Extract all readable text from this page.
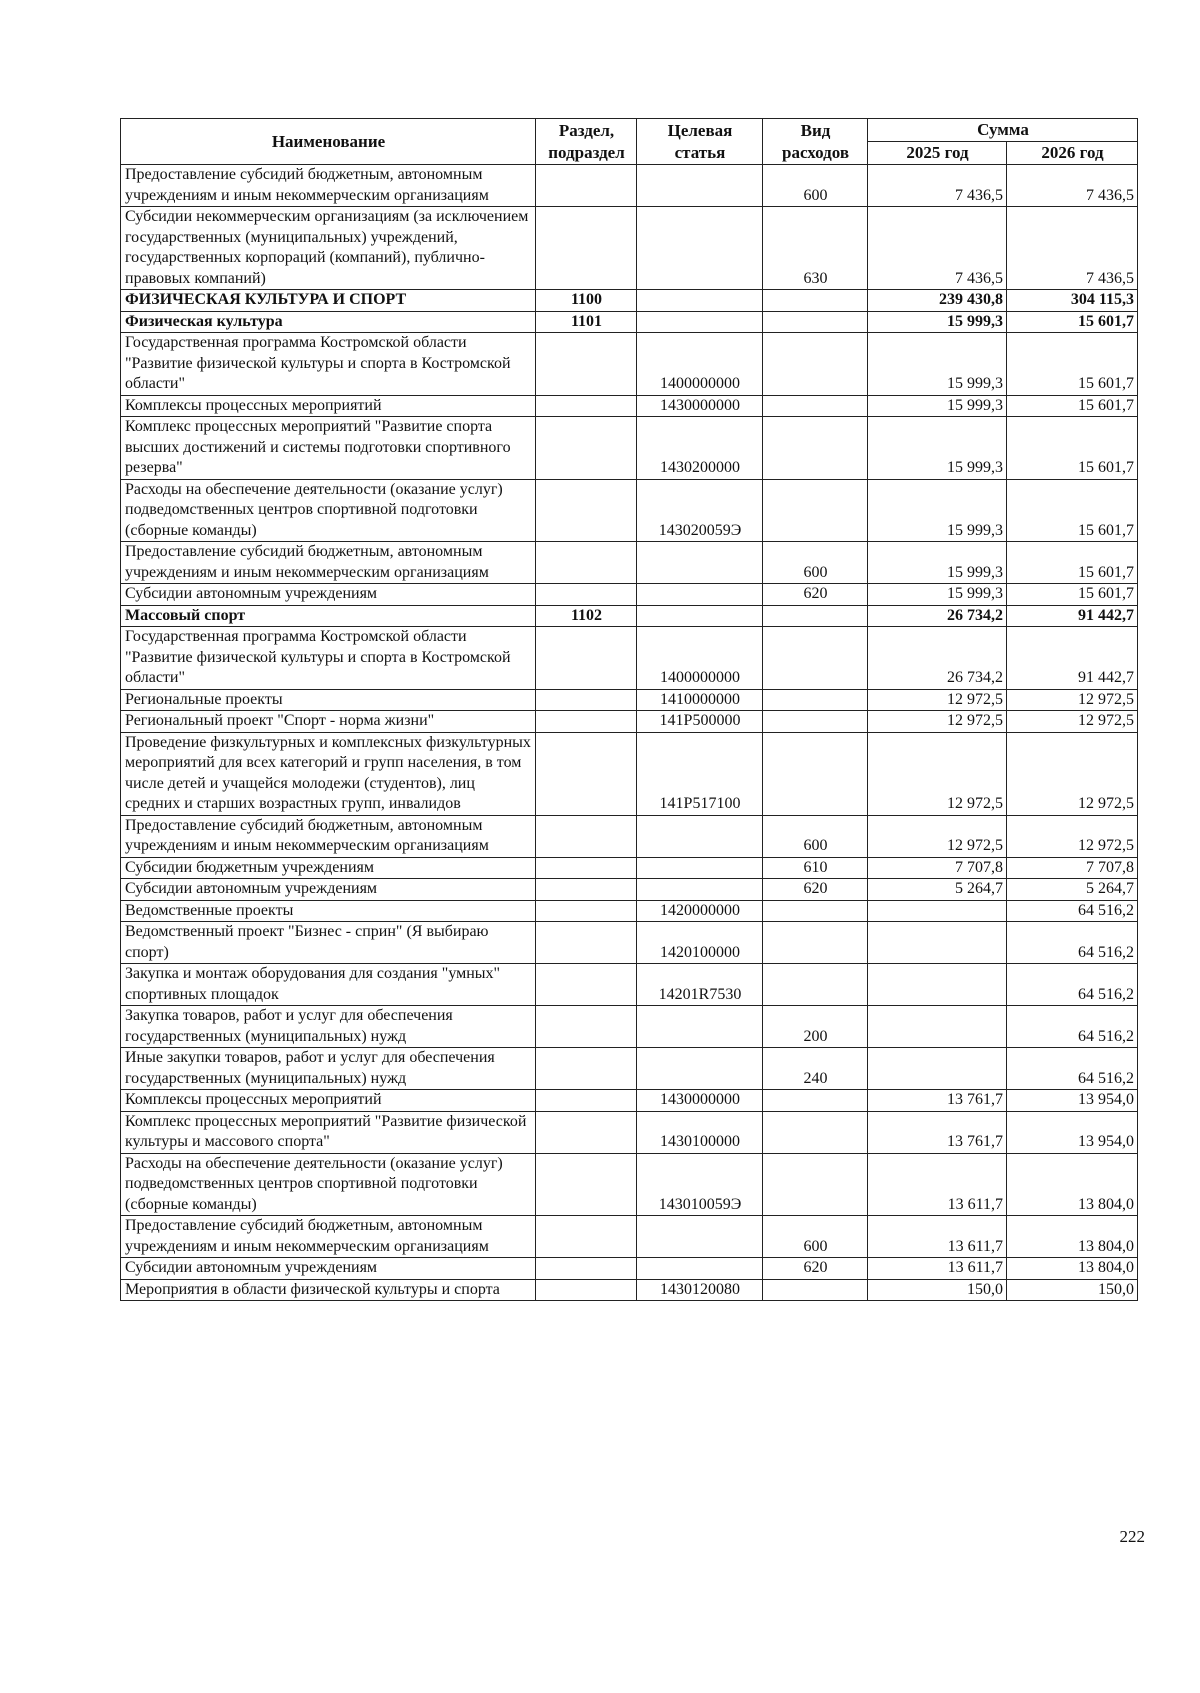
Наименование	Раздел, подраздел	Целевая статья	Вид расходов	Сумма	
				2025 год	2026 год
Предоставление субсидий бюджетным, автономным учреждениям и иным некоммерческим организациям			600	7 436,5	7 436,5
Субсидии некоммерческим организациям (за исключением государственных (муниципальных) учреждений, государственных корпораций (компаний), публично-правовых компаний)			630	7 436,5	7 436,5
ФИЗИЧЕСКАЯ КУЛЬТУРА И СПОРТ	1100			239 430,8	304 115,3
Физическая культура	1101			15 999,3	15 601,7
Государственная программа Костромской области "Развитие физической культуры и спорта в Костромской области"		1400000000		15 999,3	15 601,7
Комплексы процессных мероприятий		1430000000		15 999,3	15 601,7
Комплекс процессных мероприятий "Развитие спорта высших достижений и системы подготовки спортивного резерва"		1430200000		15 999,3	15 601,7
Расходы на обеспечение деятельности (оказание услуг) подведомственных центров спортивной подготовки (сборные команды)		143020059Э		15 999,3	15 601,7
Предоставление субсидий бюджетным, автономным учреждениям и иным некоммерческим организациям			600	15 999,3	15 601,7
Субсидии автономным учреждениям			620	15 999,3	15 601,7
Массовый спорт	1102			26 734,2	91 442,7
Государственная программа Костромской области "Развитие физической культуры и спорта в Костромской области"		1400000000		26 734,2	91 442,7
Региональные проекты		1410000000		12 972,5	12 972,5
Региональный проект "Спорт - норма жизни"		141P500000		12 972,5	12 972,5
Проведение физкультурных и комплексных физкультурных мероприятий для всех категорий и групп населения, в том числе детей и учащейся молодежи (студентов), лиц средних и старших возрастных групп, инвалидов		141P517100		12 972,5	12 972,5
Предоставление субсидий бюджетным, автономным учреждениям и иным некоммерческим организациям			600	12 972,5	12 972,5
Субсидии бюджетным учреждениям			610	7 707,8	7 707,8
Субсидии автономным учреждениям			620	5 264,7	5 264,7
Ведомственные проекты		1420000000			64 516,2
Ведомственный проект "Бизнес - сприн" (Я выбираю спорт)		1420100000			64 516,2
Закупка и монтаж оборудования для создания "умных" спортивных площадок		14201R7530			64 516,2
Закупка товаров, работ и услуг для обеспечения государственных (муниципальных) нужд			200		64 516,2
Иные закупки товаров, работ и услуг для обеспечения государственных (муниципальных) нужд			240		64 516,2
Комплексы процессных мероприятий		1430000000		13 761,7	13 954,0
Комплекс процессных мероприятий "Развитие физической культуры и массового спорта"		1430100000		13 761,7	13 954,0
Расходы на обеспечение деятельности (оказание услуг) подведомственных центров спортивной подготовки (сборные команды)		143010059Э		13 611,7	13 804,0
Предоставление субсидий бюджетным, автономным учреждениям и иным некоммерческим организациям			600	13 611,7	13 804,0
Субсидии автономным учреждениям			620	13 611,7	13 804,0
Мероприятия в области физической культуры и спорта		1430120080		150,0	150,0
222
